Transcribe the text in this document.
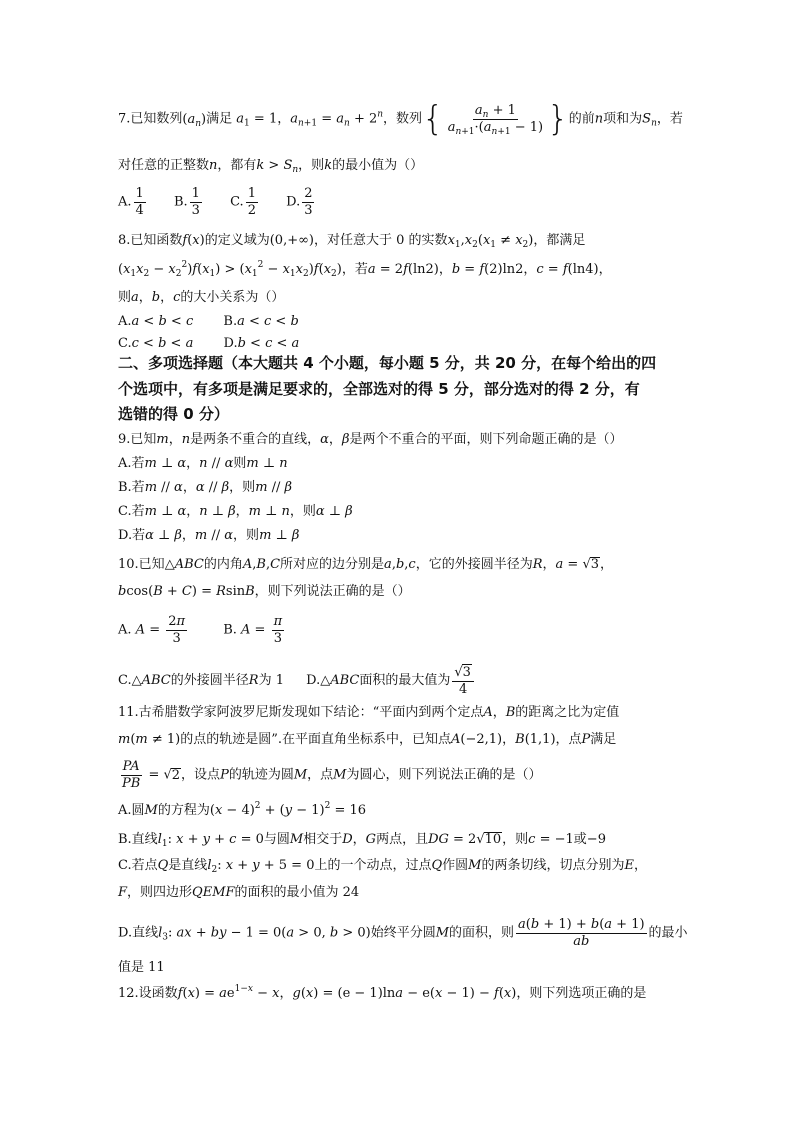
7.已知数列$(a_n)$满足 $a_1 = 1$，$a_{n+1} = a_n + 2^n$，数列{ $\frac{a_n + 1}{a_{n+1}\cdot(a_{n+1} - 1)}$ }的前n项和为$S_n$，若
对任意的正整数n，都有$k > S_n$，则k的最小值为（）
A. $\frac{1}{4} B$. $\frac{1}{3} C$. $\frac{1}{2} D$. $\frac{2}{3}$
8.已知函数f(x)的定义域为(0,+∞)，对任意大于 0 的实数$x_1,x_2(x_1 \ne x_2)$，都满足
$(x_1x_2 - x_2^2)f(x_1) > (x_1^2 - x_1x_2)f(x_2)$，若a = 2f(ln2)，b = f(2)ln2，c = f(ln4)，
则a，b，c的大小关系为（）
A.a < b < c B.a < c < b
C.c < b < a D.b < c < a
二、多项选择题（本大题共 4 个小题，每小题 5 分，共 20 分，在每个给出的四
个选项中，有多项是满足要求的，全部选对的得 5 分，部分选对的得 2 分，有
选错的得 0 分）
9.已知m，n是两条不重合的直线，α，β是两个不重合的平面，则下列命题正确的是（）
A.若m ⊥ α，n // α则m ⊥ n
B.若m // α，α // β，则m // β
C.若m ⊥ α，n ⊥ β，m ⊥ n，则α ⊥ β
D.若α ⊥ β，m // α，则m ⊥ β
10.已知△ABC的内角A,B,C所对应的边分别是a,b,c，它的外接圆半径为R，a = √3，
bcos(B + C) = RsinB，则下列说法正确的是（）
A. $A = \frac{2\pi}{3}$	B. $A = \frac{\pi}{3}$
C.△ABC的外接圆半径R为 1 D.△ABC面积的最大值为 $\frac{√3}{4}$
11.古希腊数学家阿波罗尼斯发现如下结论：“平面内到两个定点A，B的距离之比为定值
m(m ≠ 1)的点的轨迹是圆”.在平面直角坐标系中，已知点A(−2,1)，B(1,1)，点P满足
$\frac{PA}{PB} = √2$，设点P的轨迹为圆M，点M为圆心，则下列说法正确的是（）
A.圆M的方程为$(x - 4)^2 + (y - 1)^2 = 16$
B.直线$l_1$: x + y + c = 0与圆M相交于D，G两点，且DG = 2√10，则c = −1或−9
C.若点Q是直线$l_2$: x + y + 5 = 0上的一个动点，过点Q作圆M的两条切线，切点分别为E，
F，则四边形QEMF的面积的最小值为 24
D.直线$l_3$: ax + by − 1 = 0(a > 0, b > 0)始终平分圆M的面积，则 $\frac{a(b + 1) + b(a + 1)}{ab}$ 的最小
值是 11
12.设函数$f(x) = ae^{1-x} - x$，g(x) = (e − 1)lna − e(x − 1) − f(x)，则下列选项正确的是
